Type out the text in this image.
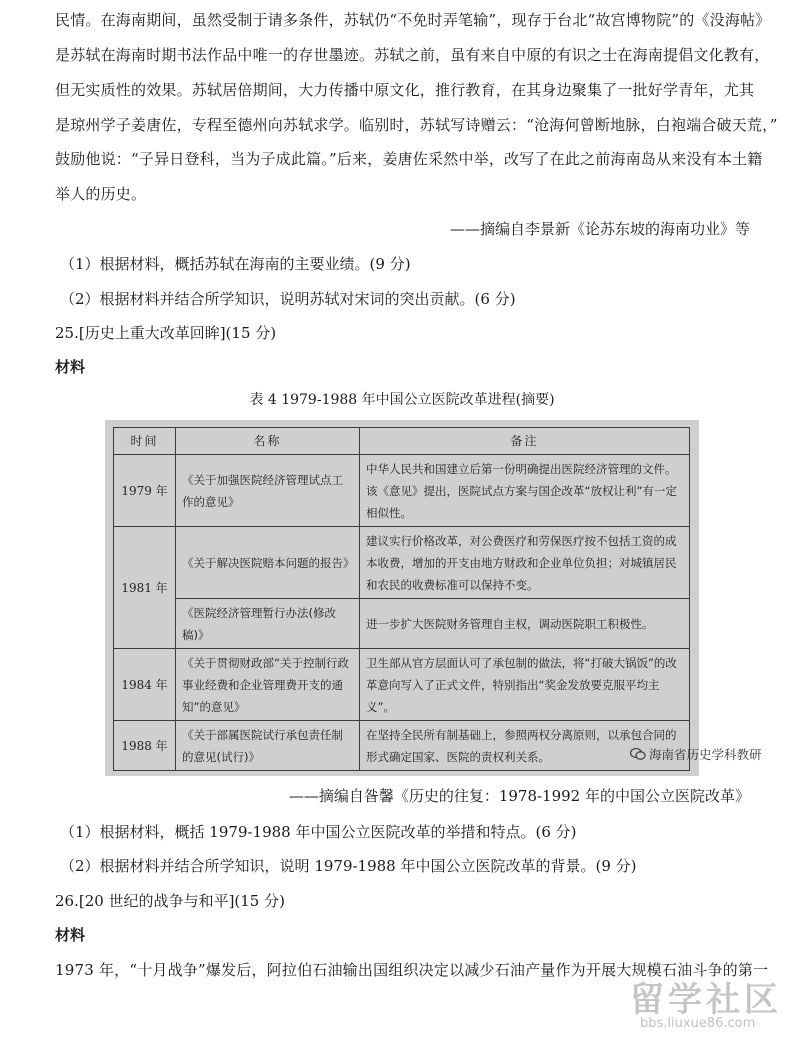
民情。在海南期间，虽然受制于请多条件，苏轼仍“不免时弄笔输”，现存于台北“故宫博物院”的《没海帖》
是苏轼在海南时期书法作品中唯一的存世墨迹。苏轼之前，虽有来自中原的有识之士在海南提倡文化教有，
但无实质性的效果。苏轼居倍期间，大力传播中原文化，推行教育，在其身边聚集了一批好学青年，尤其
是琼州学子姜唐佐，专程至德州向苏轼求学。临别时，苏轼写诗赠云：“沧海何曾断地脉，白袍端合破天荒，”
鼓励他说：“子异日登科，当为子成此篇。”后来，姜唐佐采然中举，改写了在此之前海南岛从来没有本土籍
举人的历史。
——摘编自李景新《论苏东坡的海南功业》等
（1）根据材料，概括苏轼在海南的主要业绩。(9 分)
（2）根据材料并结合所学知识，说明苏轼对宋词的突出贡献。(6 分)
25.[历史上重大改革回眸](15 分)
材料
表 4 1979-1988 年中国公立医院改革进程(摘要)
时间	名称	备注
1979 年	《关于加强医院经济管理试点工作的意见》	中华人民共和国建立后第一份明确提出医院经济管理的文件。该《意见》提出，医院试点方案与国企改革“放权让利”有一定相似性。
1981 年	《关于解决医院赔本问题的报告》	建议实行价格改革，对公费医疗和劳保医疗按不包括工资的成本收费，增加的开支由地方财政和企业单位负担；对城镇居民和农民的收费标准可以保持不变。
	《医院经济管理暂行办法(修改稿)》	进一步扩大医院财务管理自主权，调动医院职工积极性。
1984 年	《关于贯彻财政部“关于控制行政事业经费和企业管理费开支的通知”的意见》	卫生部从官方层面认可了承包制的做法，将“打破大锅饭”的改革意向写入了正式文件，特别指出“奖金发放要克服平均主义”。
1988 年	《关于部属医院试行承包责任制的意见(试行)》	在坚持全民所有制基础上，参照两权分离原则，以承包合同的形式确定国家、医院的责权利关系。	海南省历史学科教研
——摘编自昝馨《历史的往复：1978-1992 年的中国公立医院改革》
（1）根据材料，概括 1979-1988 年中国公立医院改革的举措和特点。(6 分)
（2）根据材料并结合所学知识，说明 1979-1988 年中国公立医院改革的背景。(9 分)
26.[20 世纪的战争与和平](15 分)
材料
1973 年，“十月战争”爆发后，阿拉伯石油输出国组织决定以减少石油产量作为开展大规模石油斗争的第一
留学社区
bbs.liuxue86.com
